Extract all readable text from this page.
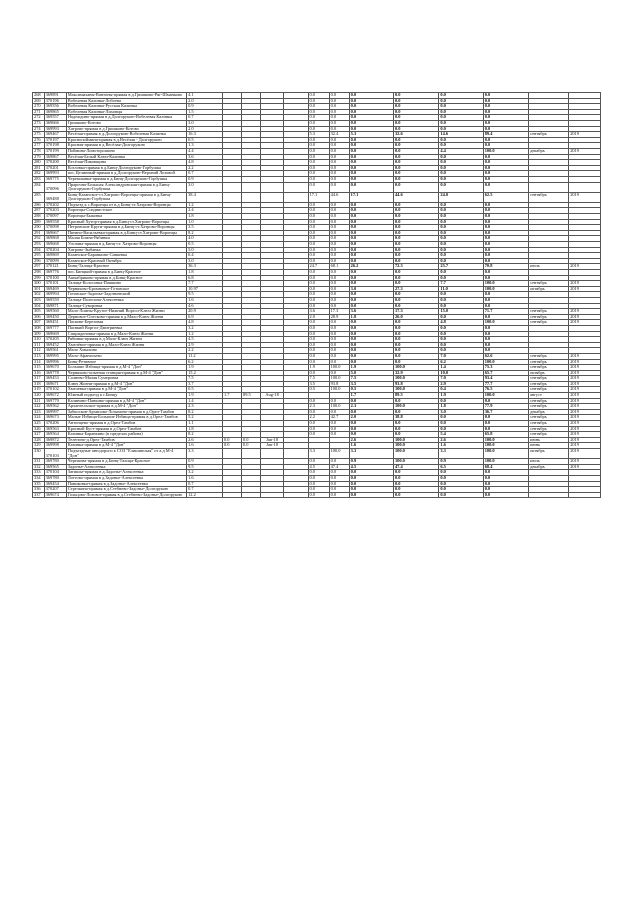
268	369891	Максимиханы-Вантоны-прямая в д.Гришково-Ряг-Шманково	4.1					0.0	0.0	0.0	0.0	0.0	0.0		
269	370196	Вобелевая Калинка-Лобоева	2.0					0.0	0.0	0.0	0.0	0.0	0.0		
270	369556	Вобелевая Калинка-Русская Калинка	0.9					0.0	0.0	0.0	0.0	0.0	0.0		
271	369865	Вобелевая Калинка-Лиховцы	1.5					0.0	0.0	0.0	0.0	0.0	0.0		
272	369557	Надеждино-прямая в д.Долгорукою-Вобелевая Калинка	0.7					0.0	0.0	0.0	0.0	0.0	0.0		
273	369666	Гришково-Котово	3.0					0.0	0.0	0.0	0.0	0.0	0.0		
274	369993	Хатрово-прямая в д.Гришково-Котово	2.0					0.0	0.0	0.0	0.0	0.0	0.0		
275	369467	Весёлая-прямая в д.Долгорукою-Вобелевая Калинка	16.3					5.3	32.4	5.3	32.6	14.6	89.4	сентябрь	2019
276	370197	Краснопоймина-прямая в д.Весёлая - Долгорукою	0.5					0.0	0.0	0.0	0.0	0.0	0.0		
277	370198	Красная-прямая в д.Весёлая-Долгорукою	1.3					0.0	0.0	0.0	0.0	0.0	0.0		
278	370199	Поймина-Ломоторошино	4.4					0.0	0.0	0.0	0.0	4.4	100.0	декабрь	2019
279	369867	Весёлая-Белый Ключ-Калинка	3.6					0.0	0.0	0.0	0.0	0.0	0.0		
280	370200	Весёлая-Пиковщина	4.8					0.0	0.0	0.0	0.0	0.0	0.0		
281	370201	Козловка-прямая в д.Бинц-Долгорукою-Горбушка	2.2					0.0	0.0	0.0	0.0	0.0	0.0		
282	369993	пос.Целинный-прямая в д.Долгорукою-Верхний Лозовой	0.7					0.0	0.0	0.0	0.0	0.0	0.0		
283	369775	Черемшанка-прямая в д.Бинц-Долгорукою-Горбушка	0.9					0.0	0.0	0.0	0.0	0.0	0.0		
284	370096	Прарочна-Большая Александровская-прямая в д.Бинц-Долгорукою-Горбушка	3.0					0.0	0.0	0.0	0.0	0.0	0.0		
285	369488	Бинц-Казанское-ст.Хатрово-Воронцы-прямая в д.Бинц-Долгорукою-Горбушка	38.4					17.1	44.6	17.1	44.6	24.0	62.5	сентябрь	2019
286	370202	Подъезд к с.Воронцы от в.д Бинц-ст.Хатрово-Воронцы	1.2					0.0	0.0	0.0	0.0	0.0	0.0		
287	370203	Воронцы-Сподвистское	2.4					0.0	0.0	0.0	0.0	0.0	0.0		
288	370097	Воронцы-Быковка	1.8					0.0	0.0	0.0	0.0	0.0	0.0		
289	369558	Красный Хутор-прямая в д.Бинц-ст.Хатрово-Воронцы	1.0					0.0	0.0	0.0	0.0	0.0	0.0		
290	370098	Петровские Круги-прямая в д.Бинц-ст.Хатрово-Воронцы	3.5					0.0	0.0	0.0	0.0	0.0	0.0		
291	369667	Пятино-Васильевка-прямая в д.Бинц-ст.Хатрово-Воронцы	8.2					0.0	0.0	0.0	0.0	0.0	0.0		
292	369868	Малая Бомна-Рябинки	4.0					0.0	0.0	0.0	0.0	0.0	0.0		
293	369668	Уголина-прямая в д.Бинц-ст. Хатрово-Воронцы	0.5					0.0	0.0	0.0	0.0	0.0	0.0		
294	370204	Хатрово-Зыбанка	5.0					0.0	0.0	0.0	0.0	0.0	0.0		
295	369869	Казанское-Баранкино-Сивкевка	6.4					0.0	0.0	0.0	0.0	0.0	0.0		
296	370099	Казанское-Красный Октябрь	3.0					0.0	0.0	0.0	0.0	0.0	0.0		
297	370121	Бинц-Талица-Красное	36.3					24.7	68.1	26.2	72.3	25.7	70.8	июль	2019
298	369776	пос.Бинцкий-прямая в д.Бинц-Красное	1.8					0.0	0.0	0.0	0.0	0.0	0.0		
299	370100	Ашкабриково-прямая в д.Бинц-Красное	6.8					0.0	0.0	0.0	0.0	0.0	0.0		
300	370101	Талица-Колосовка-Пашкино	7.7					0.0	0.0	0.0	0.0	7.7	100.0	сентябрь	2019
301	369469	Черняхово-Бромновое-Готовское	10.97					0.0	0.0	3.0	27.3	11.0	100.0	октябрь	2019
302	369994	Готовское-Задонье-Задонъевский	9.5					0.0	0.0	0.0	0.0	0.0	0.0		
303	369559	Талица-Полесина-Алексеевка	1.6					0.0	0.0	0.0	0.0	0.0	0.0		
304	369871	Талица-Суворовка	4.6					0.0	0.0	0.0	0.0	0.0	0.0		
305	369560	Мало-Ломны-Крутое-Нижний Воргол-Ключ Жизни	20.9					3.6	17.3	3.6	17.3	15.0	71.7	сентябрь	2019
306	369450	Дерновое-Олесково-прямая в д.Мало-Ключ Жизни	6.9					2.0	28.9	1.8	26.0	0.0	0.0	сентябрь	2019
307	369451	Пасково-Березовая	4.8					0.0	0.0	0.0	0.0	4.8	100.0	сентябрь	2019
308	369777	Пасвкий Воргол-Дмитриевка	3.2					0.0	0.0	0.0	0.0	0.0	0.0		
309	369669	Спиридоновка-прямая в д.Мало-Ключ Жизни	1.2					0.0	0.0	0.0	0.0	0.0	0.0		
310	370205	Рябинки-прямая в д.Мало-Ключ Жизни	4.5					0.0	0.0	0.0	0.0	0.0	0.0		
311	369452	Хмелёвое-прямая в д.Мало-Ключ Жизни	2.9					0.0	0.0	0.0	0.0	0.0	0.0		
312	369561	Мало Хмылино	2.2					0.0	0.0	0.0	0.0	0.0	0.0		
313	369995	Мало-Афанасьево	11.2					0.0	0.0	0.0	0.0	7.0	62.6	сентябрь	2019
314	369996	Бинц-Ретивное	6.2					0.0	0.0	0.0	0.0	6.2	100.0	сентябрь	2019
315	369670	Большие Избища-прямая в д.М-4 "Дон"	1.9					1.9	100.0	1.9	100.0	1.4	75.3	сентябрь	2019
316	369778	Черняхово-опытная станция-прямая в д.М-4 "Дон"	15.2					0.0	0.0	5.0	32.9	10.0	65.7	октябрь	2019
317	369453	Солнево-Малая Сумеровка	7.5					7.5	100.0	7.5	100.0	7.0	93.4	сентябрь	2019
318	369671	Ключ Жизни-прямая в д.М-4 "Дон"	3.7					3.5	93.8	3.5	93.8	2.9	77.7	сентябрь	2019
319	370102	Хмелевка-прямая в д.М-4 "Дон"	0.5					0.5	100.0	0.5	100.0	0.4	76.5	сентябрь	2019
320	369672	Южный подъезд к г.Бинцу	1.9	1.7	89.5	Aug-18				1.7	89.5	1.9	100.0	август	2019
321	369779	Калинино-Панкиво-прямая в д.М-4 "Дон"	1.4					0.0	0.0	0.0	0.0	0.0	0.0	сентябрь	2019
322	369562	Архангельское-прямая в д.М-4 "Дон"	2.3					2.3	100.0	2.3	100.0	1.8	77.9	сентябрь	2019
323	369997	Забиосков-Архипово-Лопахино-прямая в д.Орел-Тамбов	8.2					0.0	0.0	0.0	0.0	3.0	36.7	декабрь	2019
324	369673	Малые Избища-Большие Избища-прямая в д.Орел-Тамбов	5.2					2.2	42.7	2.0	38.8	0.0	0.0	сентябрь	2019
325	370206	Антонцево-прямая в д.Орел-Тамбов	1.1					0.0	0.0	0.0	0.0	0.0	0.0	сентябрь	2019
326	369563	Красный Куст-прямая в д.Орел-Тамбов	1.8					0.0	0.0	0.0	0.0	0.0	0.0	сентябрь	2019
327	369564	Казинка-Баранкино (в пределах района)	8.2					0.0	0.0	0.0	0.0	5.4	65.8	сентябрь	2019
328	369872	Телегино-д.Орел-Тамбов	2.6	0.0	0.0	Jun-18				2.6	100.0	2.6	100.0	июнь	2019
329	369998	Казинка-прямая в д.М-4 "Дон"	1.6	0.0	0.0	Jun-18				1.6	100.0	1.6	100.0	июнь	2019
330	370103	Подъездные автодороги к СОЗ "Елишинская" от а.д М-4 "Дон"	3.3					3.3	100.0	3.3	100.0	3.3	100.0	октябрь	2019
331	369780	Черешова-прямая в д.Бинц-Талица-Красное	0.9					0.0	0.0	0.9	100.0	0.9	100.0	июль	2019
332	369565	Задонье-Алексеевка	9.5					4.5	47.4	4.5	47.4	6.5	68.4	декабрь	2019
333	370104	Затишье-прямая в д.Задонье-Алексеевка	3.2					0.0	0.0	0.0	0.0	0.0	0.0		
334	369780	Лоттово-прямая в д.Задонье-Алексеевка	1.6					0.0	0.0	0.0	0.0	0.0	0.0		
335	369454	Паниковка-прямая в д.Задонье-Алексеевка	0.7					0.0	0.0	0.0	0.0	0.0	0.0		
336	370207	Стрелкина-прямая в д.Стебнево-Задонье-Долгорукою	0.7					0.0	0.0	0.0	0.0	0.0	0.0		
337	369674	Гольцово-Лозовое-прямая в д.Стебнево-Задонье-Долгорукою	12.2					0.0	0.0	0.0	0.0	0.0	0.0		
